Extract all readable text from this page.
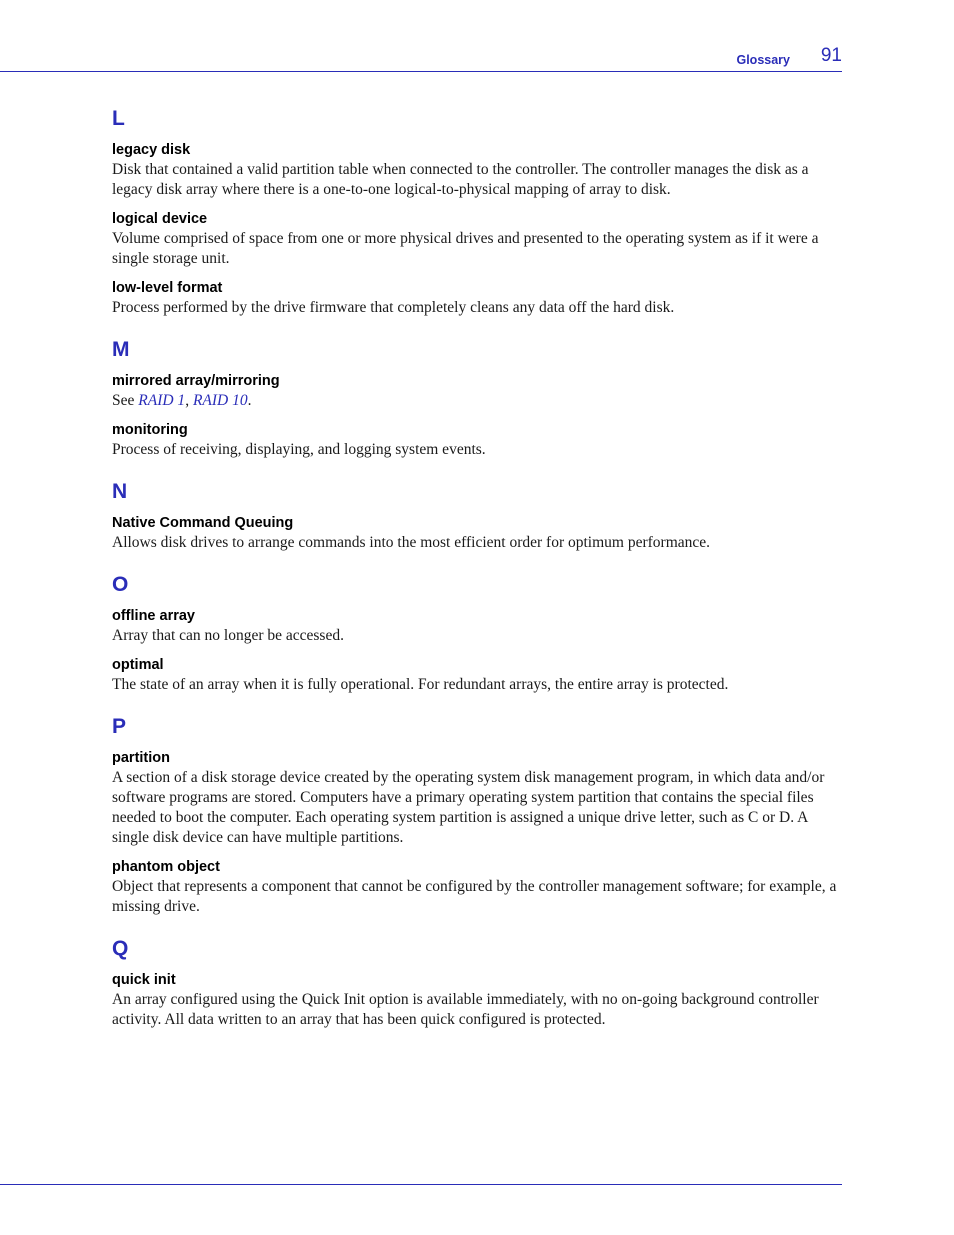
Glossary 91
L
legacy disk
Disk that contained a valid partition table when connected to the controller. The controller manages the disk as a legacy disk array where there is a one-to-one logical-to-physical mapping of array to disk.
logical device
Volume comprised of space from one or more physical drives and presented to the operating system as if it were a single storage unit.
low-level format
Process performed by the drive firmware that completely cleans any data off the hard disk.
M
mirrored array/mirroring
See RAID 1, RAID 10.
monitoring
Process of receiving, displaying, and logging system events.
N
Native Command Queuing
Allows disk drives to arrange commands into the most efficient order for optimum performance.
O
offline array
Array that can no longer be accessed.
optimal
The state of an array when it is fully operational. For redundant arrays, the entire array is protected.
P
partition
A section of a disk storage device created by the operating system disk management program, in which data and/or software programs are stored. Computers have a primary operating system partition that contains the special files needed to boot the computer. Each operating system partition is assigned a unique drive letter, such as C or D. A single disk device can have multiple partitions.
phantom object
Object that represents a component that cannot be configured by the controller management software; for example, a missing drive.
Q
quick init
An array configured using the Quick Init option is available immediately, with no on-going background controller activity. All data written to an array that has been quick configured is protected.
